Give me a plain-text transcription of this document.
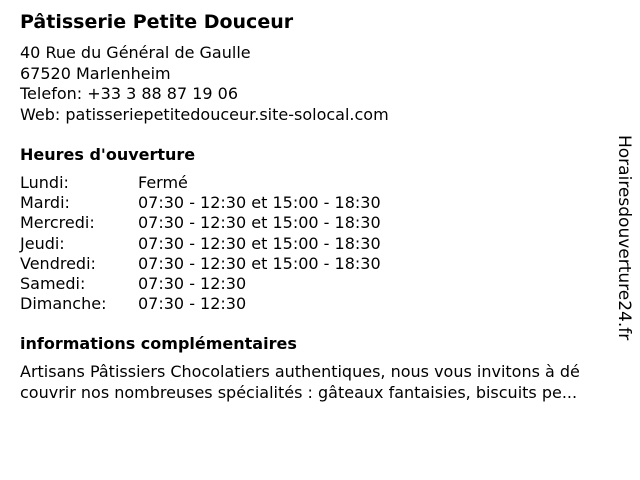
Pâtisserie Petite Douceur
40 Rue du Général de Gaulle
67520 Marlenheim
Telefon: +33 3 88 87 19 06
Web: patisseriepetitedouceur.site-solocal.com
Heures d'ouverture
Lundi:	Fermé
Mardi:	07:30 - 12:30 et 15:00 - 18:30
Mercredi:	07:30 - 12:30 et 15:00 - 18:30
Jeudi:	07:30 - 12:30 et 15:00 - 18:30
Vendredi:	07:30 - 12:30 et 15:00 - 18:30
Samedi:	07:30 - 12:30
Dimanche:	07:30 - 12:30
informations complémentaires
Artisans Pâtissiers Chocolatiers authentiques, nous vous invitons à dé
couvrir nos nombreuses spécialités : gâteaux fantaisies, biscuits pe...
Horairesdouverture24.fr
